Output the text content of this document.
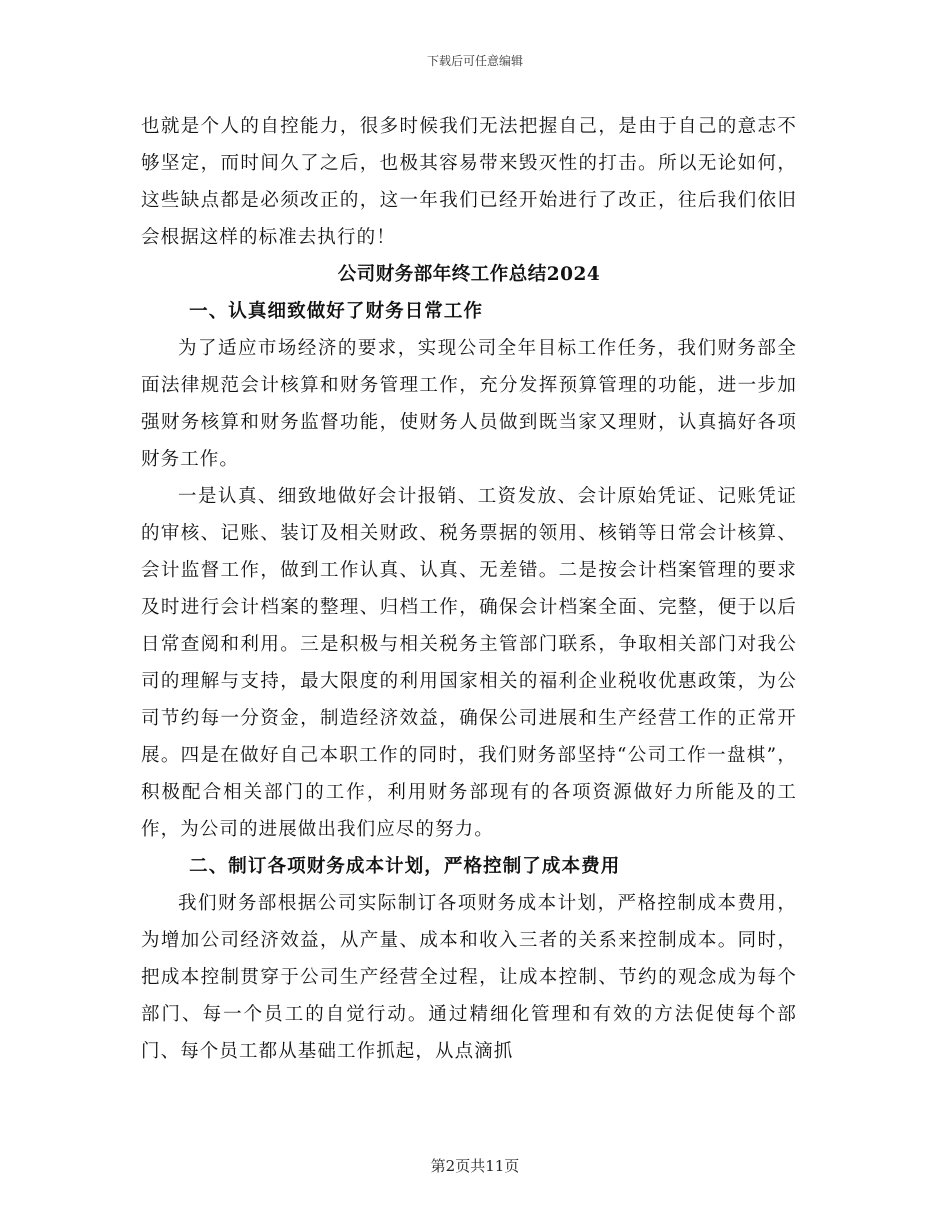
下载后可任意编辑

也就是个人的自控能力，很多时候我们无法把握自己，是由于自己的意志不够坚定，而时间久了之后，也极其容易带来毁灭性的打击。所以无论如何，这些缺点都是必须改正的，这一年我们已经开始进行了改正，往后我们依旧会根据这样的标准去执行的！

公司财务部年终工作总结2024

一、认真细致做好了财务日常工作

为了适应市场经济的要求，实现公司全年目标工作任务，我们财务部全面法律规范会计核算和财务管理工作，充分发挥预算管理的功能，进一步加强财务核算和财务监督功能，使财务人员做到既当家又理财，认真搞好各项财务工作。

一是认真、细致地做好会计报销、工资发放、会计原始凭证、记账凭证的审核、记账、装订及相关财政、税务票据的领用、核销等日常会计核算、会计监督工作，做到工作认真、认真、无差错。二是按会计档案管理的要求及时进行会计档案的整理、归档工作，确保会计档案全面、完整，便于以后日常查阅和利用。三是积极与相关税务主管部门联系，争取相关部门对我公司的理解与支持，最大限度的利用国家相关的福利企业税收优惠政策，为公司节约每一分资金，制造经济效益，确保公司进展和生产经营工作的正常开展。四是在做好自己本职工作的同时，我们财务部坚持“公司工作一盘棋”，积极配合相关部门的工作，利用财务部现有的各项资源做好力所能及的工作，为公司的进展做出我们应尽的努力。

二、制订各项财务成本计划，严格控制了成本费用

我们财务部根据公司实际制订各项财务成本计划，严格控制成本费用，为增加公司经济效益，从产量、成本和收入三者的关系来控制成本。同时，把成本控制贯穿于公司生产经营全过程，让成本控制、节约的观念成为每个部门、每一个员工的自觉行动。通过精细化管理和有效的方法促使每个部门、每个员工都从基础工作抓起，从点滴抓

第2页共11页
